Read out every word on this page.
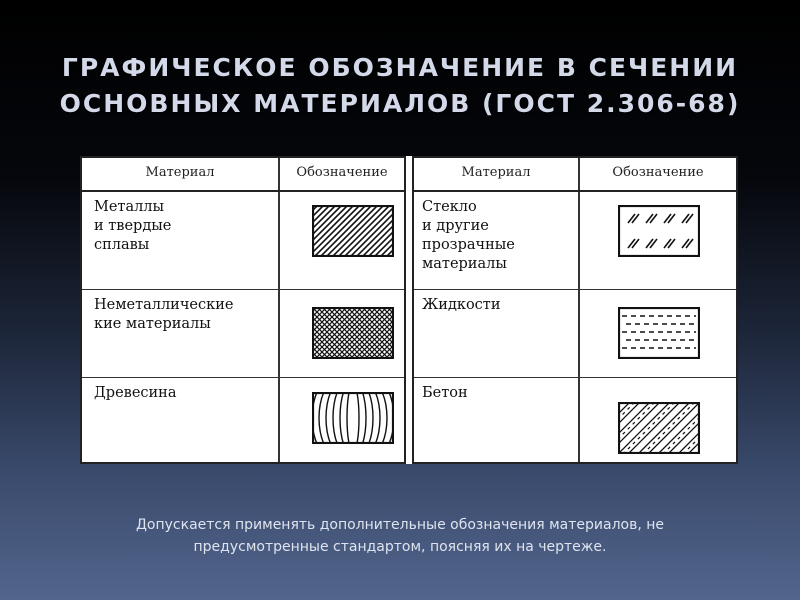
ГРАФИЧЕСКОЕ ОБОЗНАЧЕНИЕ В СЕЧЕНИИ
ОСНОВНЫХ МАТЕРИАЛОВ (ГОСТ 2.306-68)
Материал	Обозначение
Металлы
и твердые
сплавы
Неметаллические
кие материалы
Древесина
Материал	Обозначение
Стекло
и другие
прозрачные
материалы
Жидкости
Бетон
Допускается применять дополнительные обозначения материалов, не
предусмотренные стандартом, поясняя их на чертеже.
